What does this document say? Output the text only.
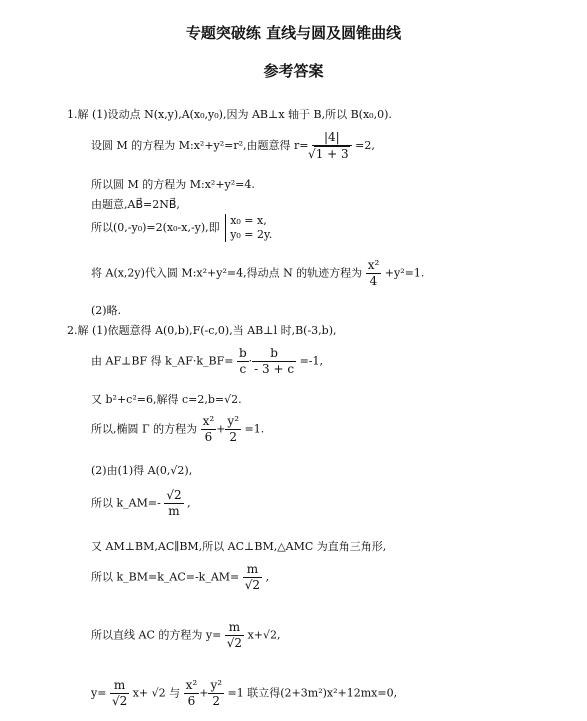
专题突破练 直线与圆及圆锥曲线
参考答案
1.解 (1)设动点 N(x,y),A(x₀,y₀),因为 AB⊥x 轴于 B,所以 B(x₀,0).
设圆 M 的方程为 M:x²+y²=r²,由题意得 r= |4|
√ 1 + 3 =2,
所以圆 M 的方程为 M:x²+y²=4.
由题意,AB⃗=2NB⃗,
所以(0,-y₀)=2(x₀-x,-y),即
x₀ = x,
y₀ = 2y.
将 A(x,2y)代入圆 M:x²+y²=4,得动点 N 的轨迹方程为 $\frac{\text{x²}}{4} +y^2=1$.
(2)略.
2.解 (1)依题意得 A(0,b),F(-c,0),当 AB⊥l 时,B(-3,b),
由 AF⊥BF 得 k_AF·k_BF= $\frac{b}{c} \cdot \frac{b}{- 3 + c} =-1$,
又 b²+c²=6,解得 c=2,b=√2.
所以,椭圆 Γ 的方程为 $\frac{\text{x²}}{6} + \frac{\text{y²}}{2} =1$.
(2)由(1)得 A(0,√2),
所以 k_AM=- $\frac{√2}{m}$ ,
又 AM⊥BM,AC∥BM,所以 AC⊥BM,△AMC 为直角三角形,
所以 k_BM=k_AC=-k_AM= $\frac{m}{√2}$ ,
所以直线 AC 的方程为 $y= \frac{m}{√2} x+√2$,
$y= \frac{m}{√2} x+ √2$ 与 $\frac{\text{x²}}{6} + \frac{\text{y²}}{2} =1$ 联立得(2+3m²)x²+12mx=0,
